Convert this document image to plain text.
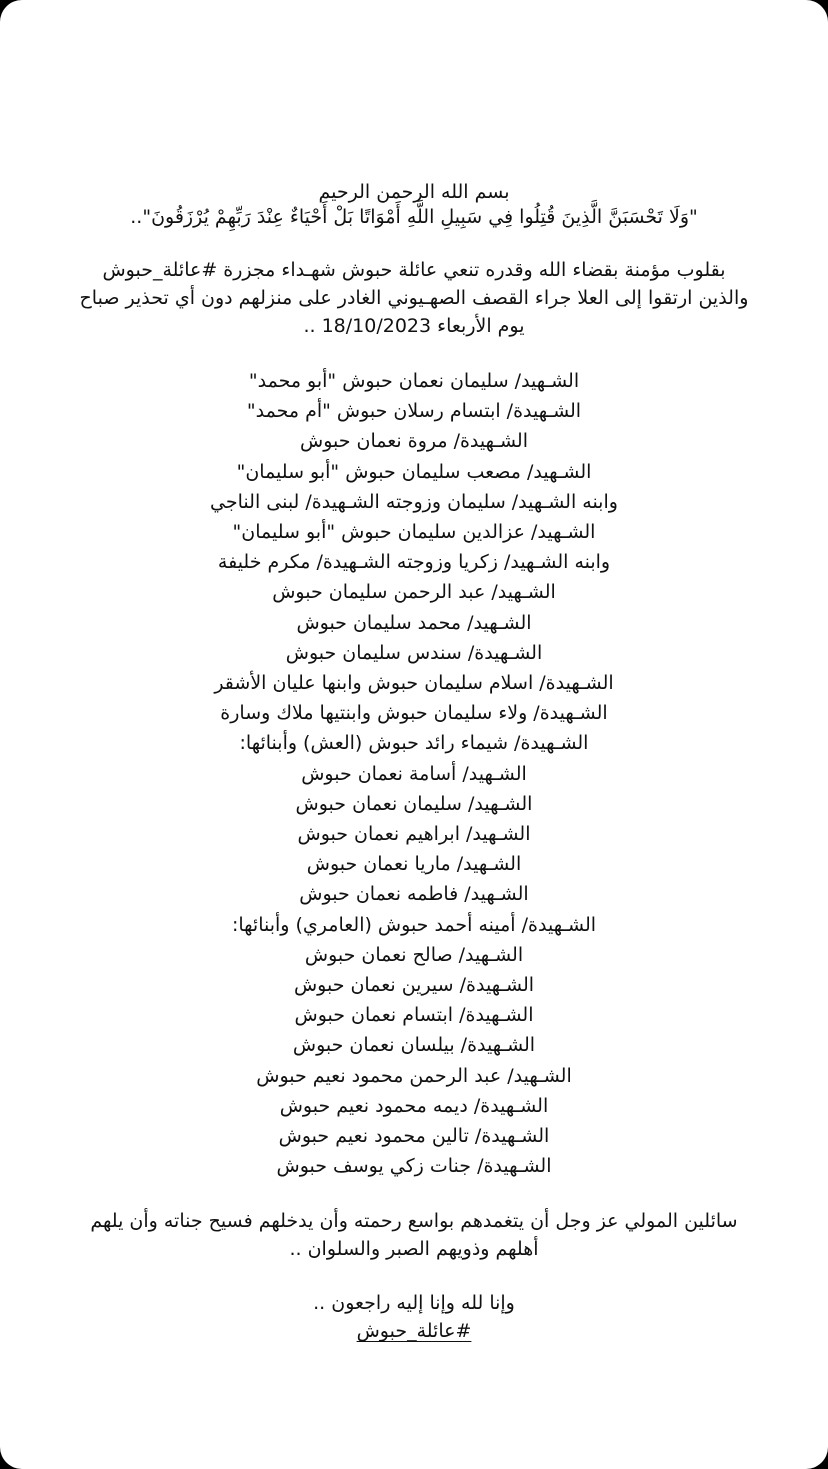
بسم الله الرحمن الرحيم
"وَلَا تَحْسَبَنَّ الَّذِينَ قُتِلُوا فِي سَبِيلِ اللَّهِ أَمْوَاتًا بَلْ أَحْيَاءٌ عِنْدَ رَبِّهِمْ يُرْزَقُونَ"..
بقلوب مؤمنة بقضاء الله وقدره تنعي عائلة حبوش شهـداء مجزرة #عائلة_حبوش
والذين ارتقوا إلى العلا جراء القصف الصهـيوني الغادر على منزلهم دون أي تحذير صباح
يوم الأربعاء 18/10/2023 ..
الشـهيد/ سليمان نعمان حبوش "أبو محمد"
الشـهيدة/ ابتسام رسلان حبوش "أم محمد"
الشـهيدة/ مروة نعمان حبوش
الشـهيد/ مصعب سليمان حبوش "أبو سليمان"
وابنه الشـهيد/ سليمان وزوجته الشـهيدة/ لبنى الناجي
الشـهيد/ عزالدين سليمان حبوش "أبو سليمان"
وابنه الشـهيد/ زكريا وزوجته الشـهيدة/ مكرم خليفة
الشـهيد/ عبد الرحمن سليمان حبوش
الشـهيد/ محمد سليمان حبوش
الشـهيدة/ سندس سليمان حبوش
الشـهيدة/ اسلام سليمان حبوش وابنها عليان الأشقر
الشـهيدة/ ولاء سليمان حبوش وابنتيها ملاك وسارة
الشـهيدة/ شيماء رائد حبوش (العش) وأبنائها:
الشـهيد/ أسامة نعمان حبوش
الشـهيد/ سليمان نعمان حبوش
الشـهيد/ ابراهيم نعمان حبوش
الشـهيد/ ماريا نعمان حبوش
الشـهيد/ فاطمه نعمان حبوش
الشـهيدة/ أمينه أحمد حبوش (العامري) وأبنائها:
الشـهيد/ صالح نعمان حبوش
الشـهيدة/ سيرين نعمان حبوش
الشـهيدة/ ابتسام نعمان حبوش
الشـهيدة/ بيلسان نعمان حبوش
الشـهيد/ عبد الرحمن محمود نعيم حبوش
الشـهيدة/ ديمه محمود نعيم حبوش
الشـهيدة/ تالين محمود نعيم حبوش
الشـهيدة/ جنات زكي يوسف حبوش
سائلين المولي عز وجل أن يتغمدهم بواسع رحمته وأن يدخلهم فسيح جناته وأن يلهم
أهلهم وذويهم الصبر والسلوان ..
وإنا لله وإنا إليه راجعون ..
#عائلة_حبوش
